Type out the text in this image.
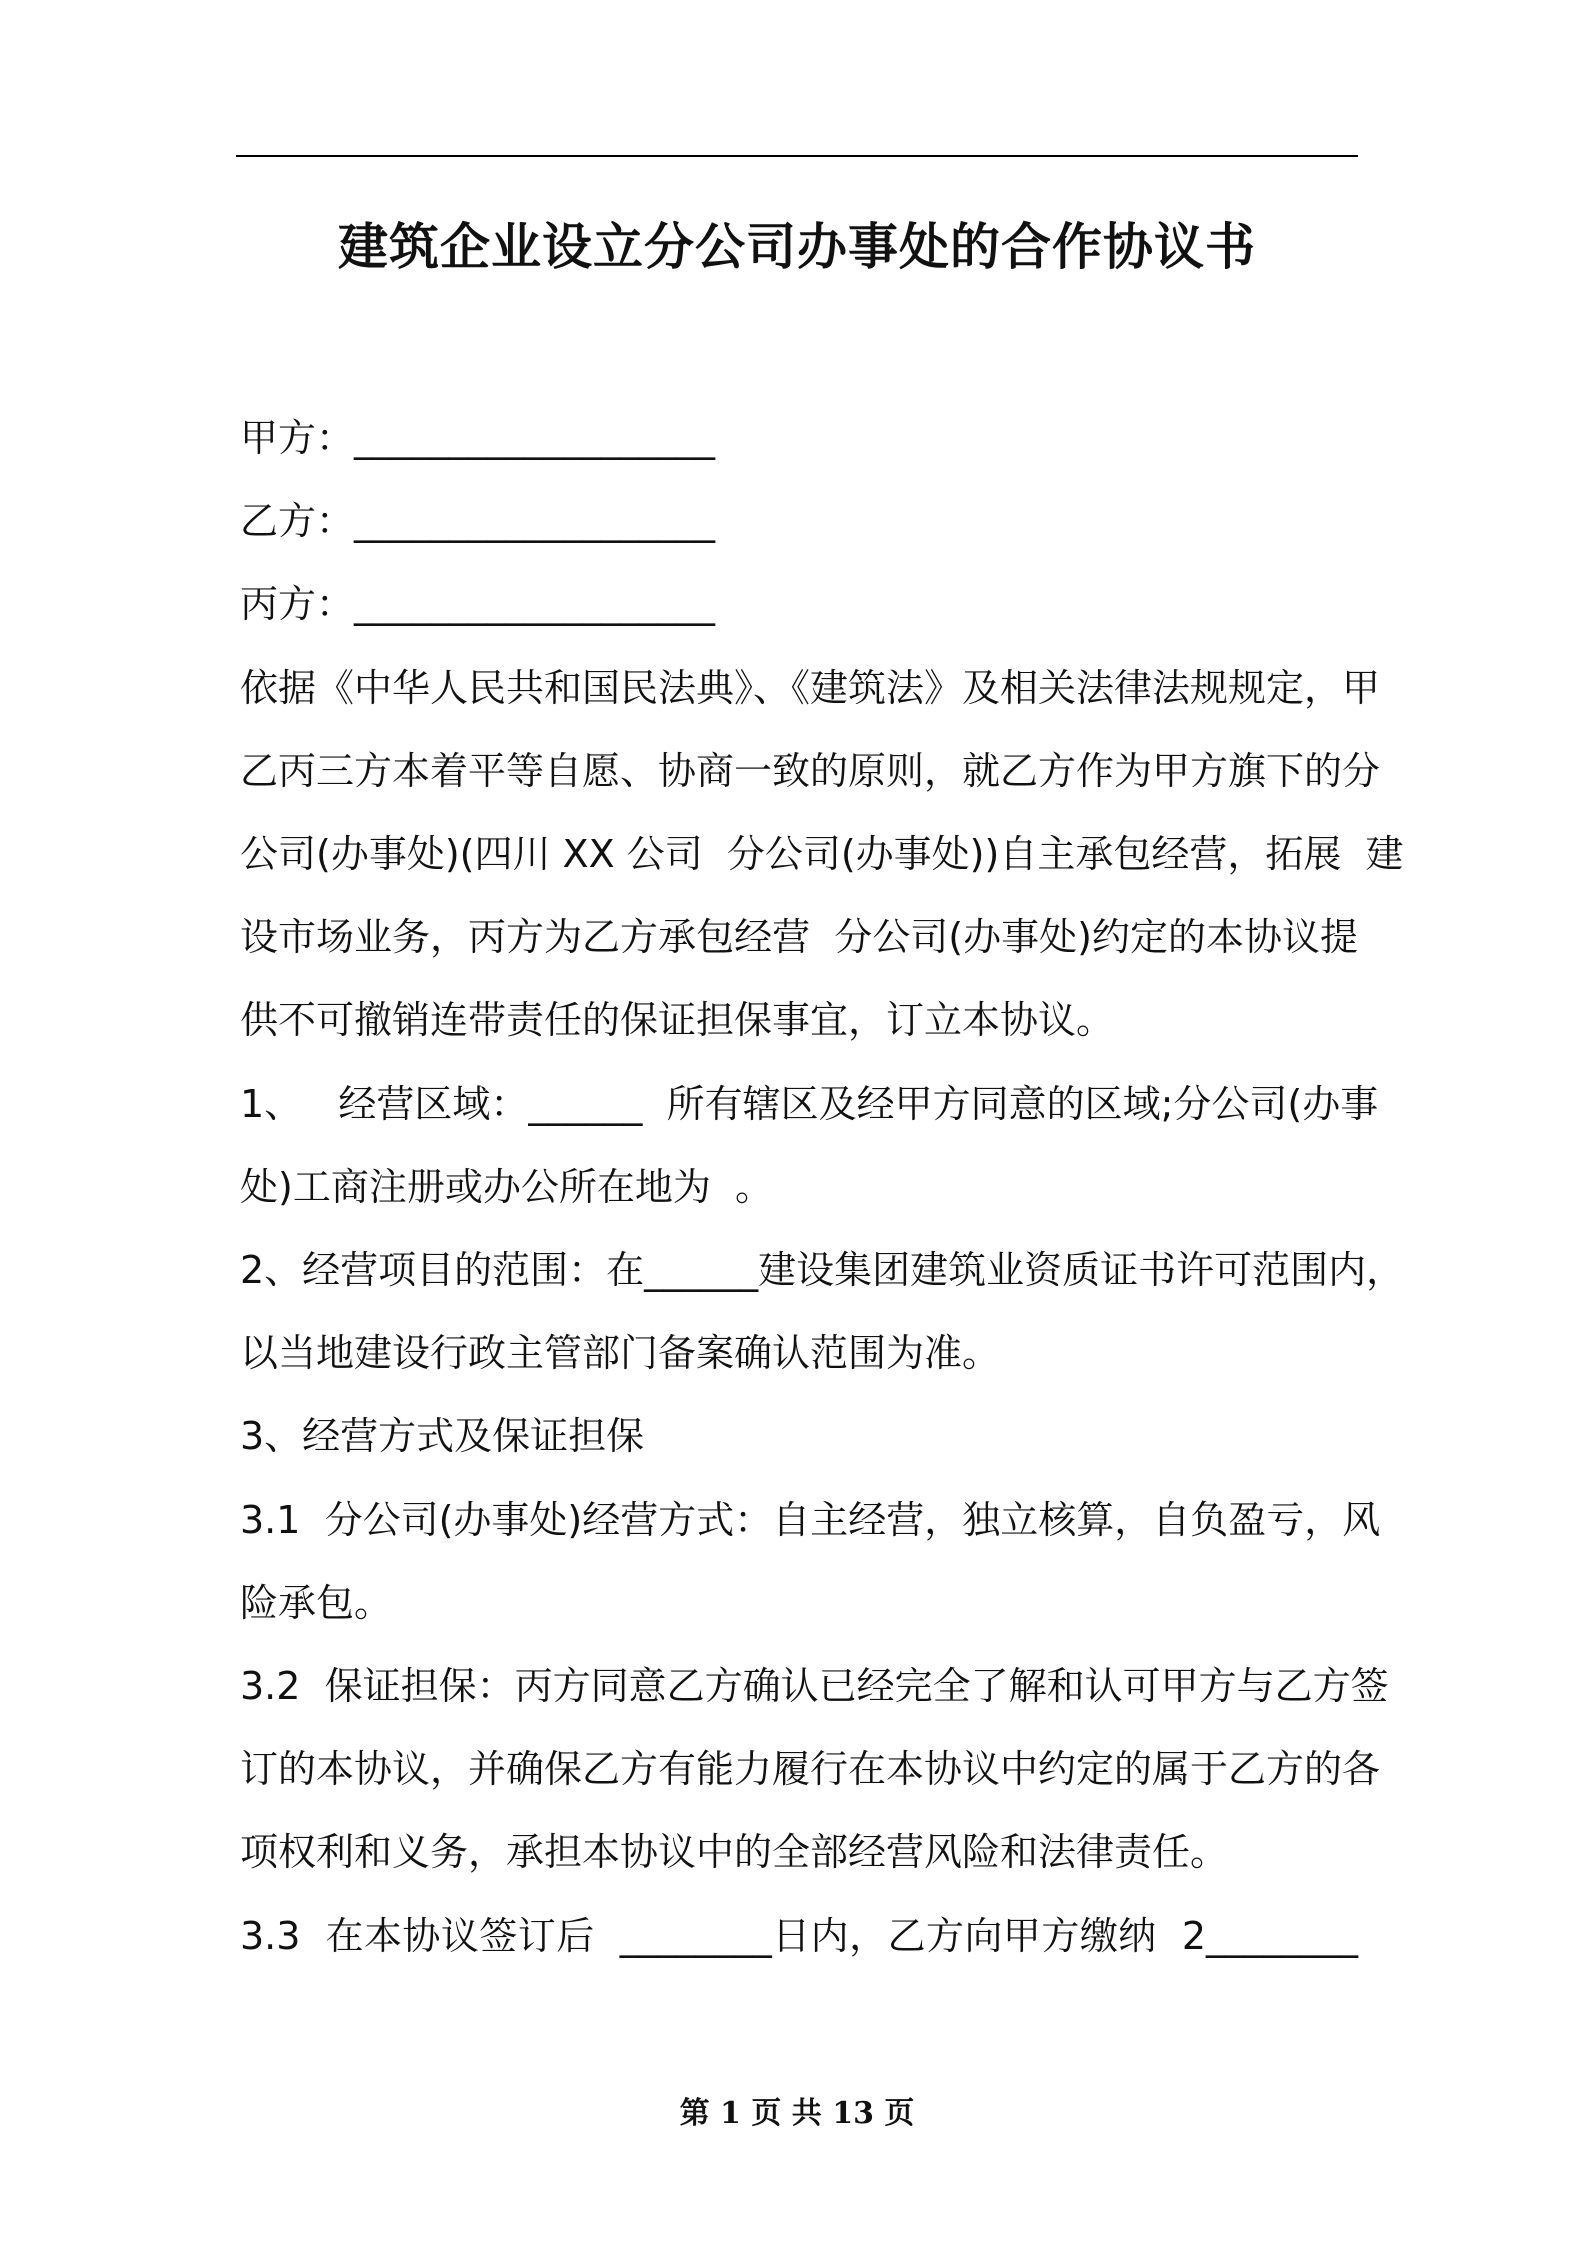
建筑企业设立分公司办事处的合作协议书

甲方：___________________

乙方：___________________

丙方：___________________

依据《中华人民共和国民法典》、《建筑法》及相关法律法规规定，甲

乙丙三方本着平等自愿、协商一致的原则，就乙方作为甲方旗下的分

公司(办事处)(四川 XX 公司  分公司(办事处))自主承包经营，拓展  建

设市场业务，丙方为乙方承包经营  分公司(办事处)约定的本协议提

供不可撤销连带责任的保证担保事宜，订立本协议。

1、   经营区域：______  所有辖区及经甲方同意的区域;分公司(办事

处)工商注册或办公所在地为  。

2、经营项目的范围：在______建设集团建筑业资质证书许可范围内，

以当地建设行政主管部门备案确认范围为准。

3、经营方式及保证担保

3.1  分公司(办事处)经营方式：自主经营，独立核算，自负盈亏，风

险承包。

3.2  保证担保：丙方同意乙方确认已经完全了解和认可甲方与乙方签

订的本协议，并确保乙方有能力履行在本协议中约定的属于乙方的各

项权利和义务，承担本协议中的全部经营风险和法律责任。

3.3  在本协议签订后  ________日内，乙方向甲方缴纳  2________

第 1 页 共 13 页
